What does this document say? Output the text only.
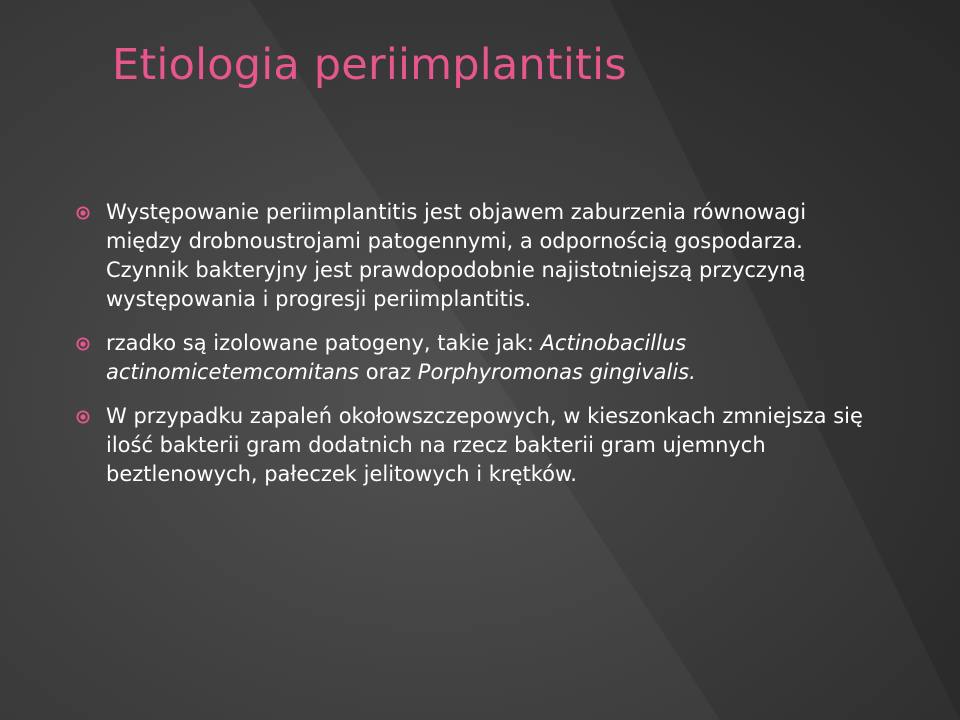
Etiologia periimplantitis
Występowanie periimplantitis jest objawem zaburzenia równowagi między drobnoustrojami patogennymi, a odpornością gospodarza. Czynnik bakteryjny jest prawdopodobnie najistotniejszą przyczyną występowania i progresji periimplantitis.
rzadko są izolowane patogeny, takie jak: Actinobacillus actinomicetemcomitans oraz Porphyromonas gingivalis.
W przypadku zapaleń okołowszczepowych, w kieszonkach zmniejsza się ilość bakterii gram dodatnich na rzecz bakterii gram ujemnych beztlenowych, pałeczek jelitowych i krętków.
